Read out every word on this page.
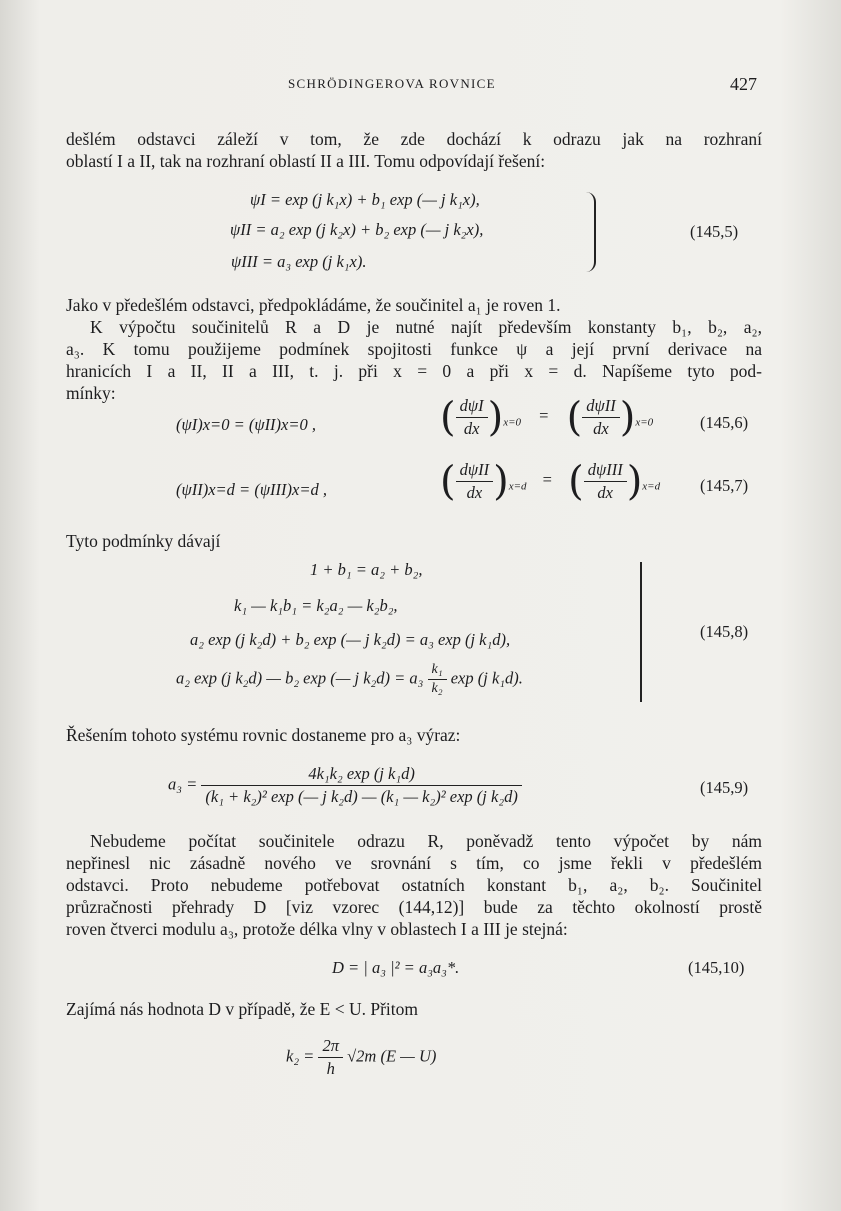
SCHRÖDINGEROVA ROVNICE	427
dešlém odstavci záleží v tom, že zde dochází k odrazu jak na rozhraní
oblastí I a II, tak na rozhraní oblastí II a III. Tomu odpovídají řešení:
ψI = exp (j k₁x) + b₁ exp (— j k₁x),
ψII = a₂ exp (j k₂x) + b₂ exp (— j k₂x),
ψIII = a₃ exp (j k₁x).
(145,5)
Jako v předešlém odstavci, předpokládáme, že součinitel a₁ je roven 1.
K výpočtu součinitelů R a D je nutné najít především konstanty b₁, b₂, a₂,
a₃. K tomu použijeme podmínek spojitosti funkce ψ a její první derivace na
hranicích I a II, II a III, t. j. při x = 0 a při x = d. Napíšeme tyto pod-
mínky:
(ψI)x=0 = (ψII)x=0 ,	( $\frac{\text{dψI}}{dx} )_{x=0}$ = ( $\frac{\text{dψII}}{dx} )_{x=0}$	(145,6)
(ψII)x=d = (ψIII)x=d ,	( $\frac{\text{dψII}}{dx} )_{x=d}$ = ( $\frac{\text{dψIII}}{dx} )_{x=d}$ (145,7)
Tyto podmínky dávají
1 + b₁ = a₂ + b₂,
k₁ — k₁b₁ = k₂a₂ — k₂b₂,
a₂ exp (j k₂d) + b₂ exp (— j k₂d) = a₃ exp (j k₁d),
a₂ exp (j k₂d) — b₂ exp (— j $k_2d) = a_3 \frac{\text{k₁}}{\text{k₂}}$ exp (j k₁d).
(145,8)
Řešením tohoto systému rovnic dostaneme pro a₃ výraz:
$a_3 = \frac{\text{4k₁k₂ exp (j k₁d)}}{\text{(k₁ + k₂)² exp (— j k₂d) — (k₁ — k₂)² exp (j k₂d)}}$	(145,9)
Nebudeme počítat součinitele odrazu R, poněvadž tento výpočet by nám
nepřinesl nic zásadně nového ve srovnání s tím, co jsme řekli v předešlém
odstavci. Proto nebudeme potřebovat ostatních konstant b₁, a₂, b₂. Součinitel
průzračnosti přehrady D [viz vzorec (144,12)] bude za těchto okolností prostě
roven čtverci modulu a₃, protože délka vlny v oblastech I a III je stejná:
D = | a₃ |² = a₃a₃*.	(145,10)
Zajímá nás hodnota D v případě, že E < U. Přitom
$k_2 = \frac{2\pi}{h} √2m$ (E — U)
